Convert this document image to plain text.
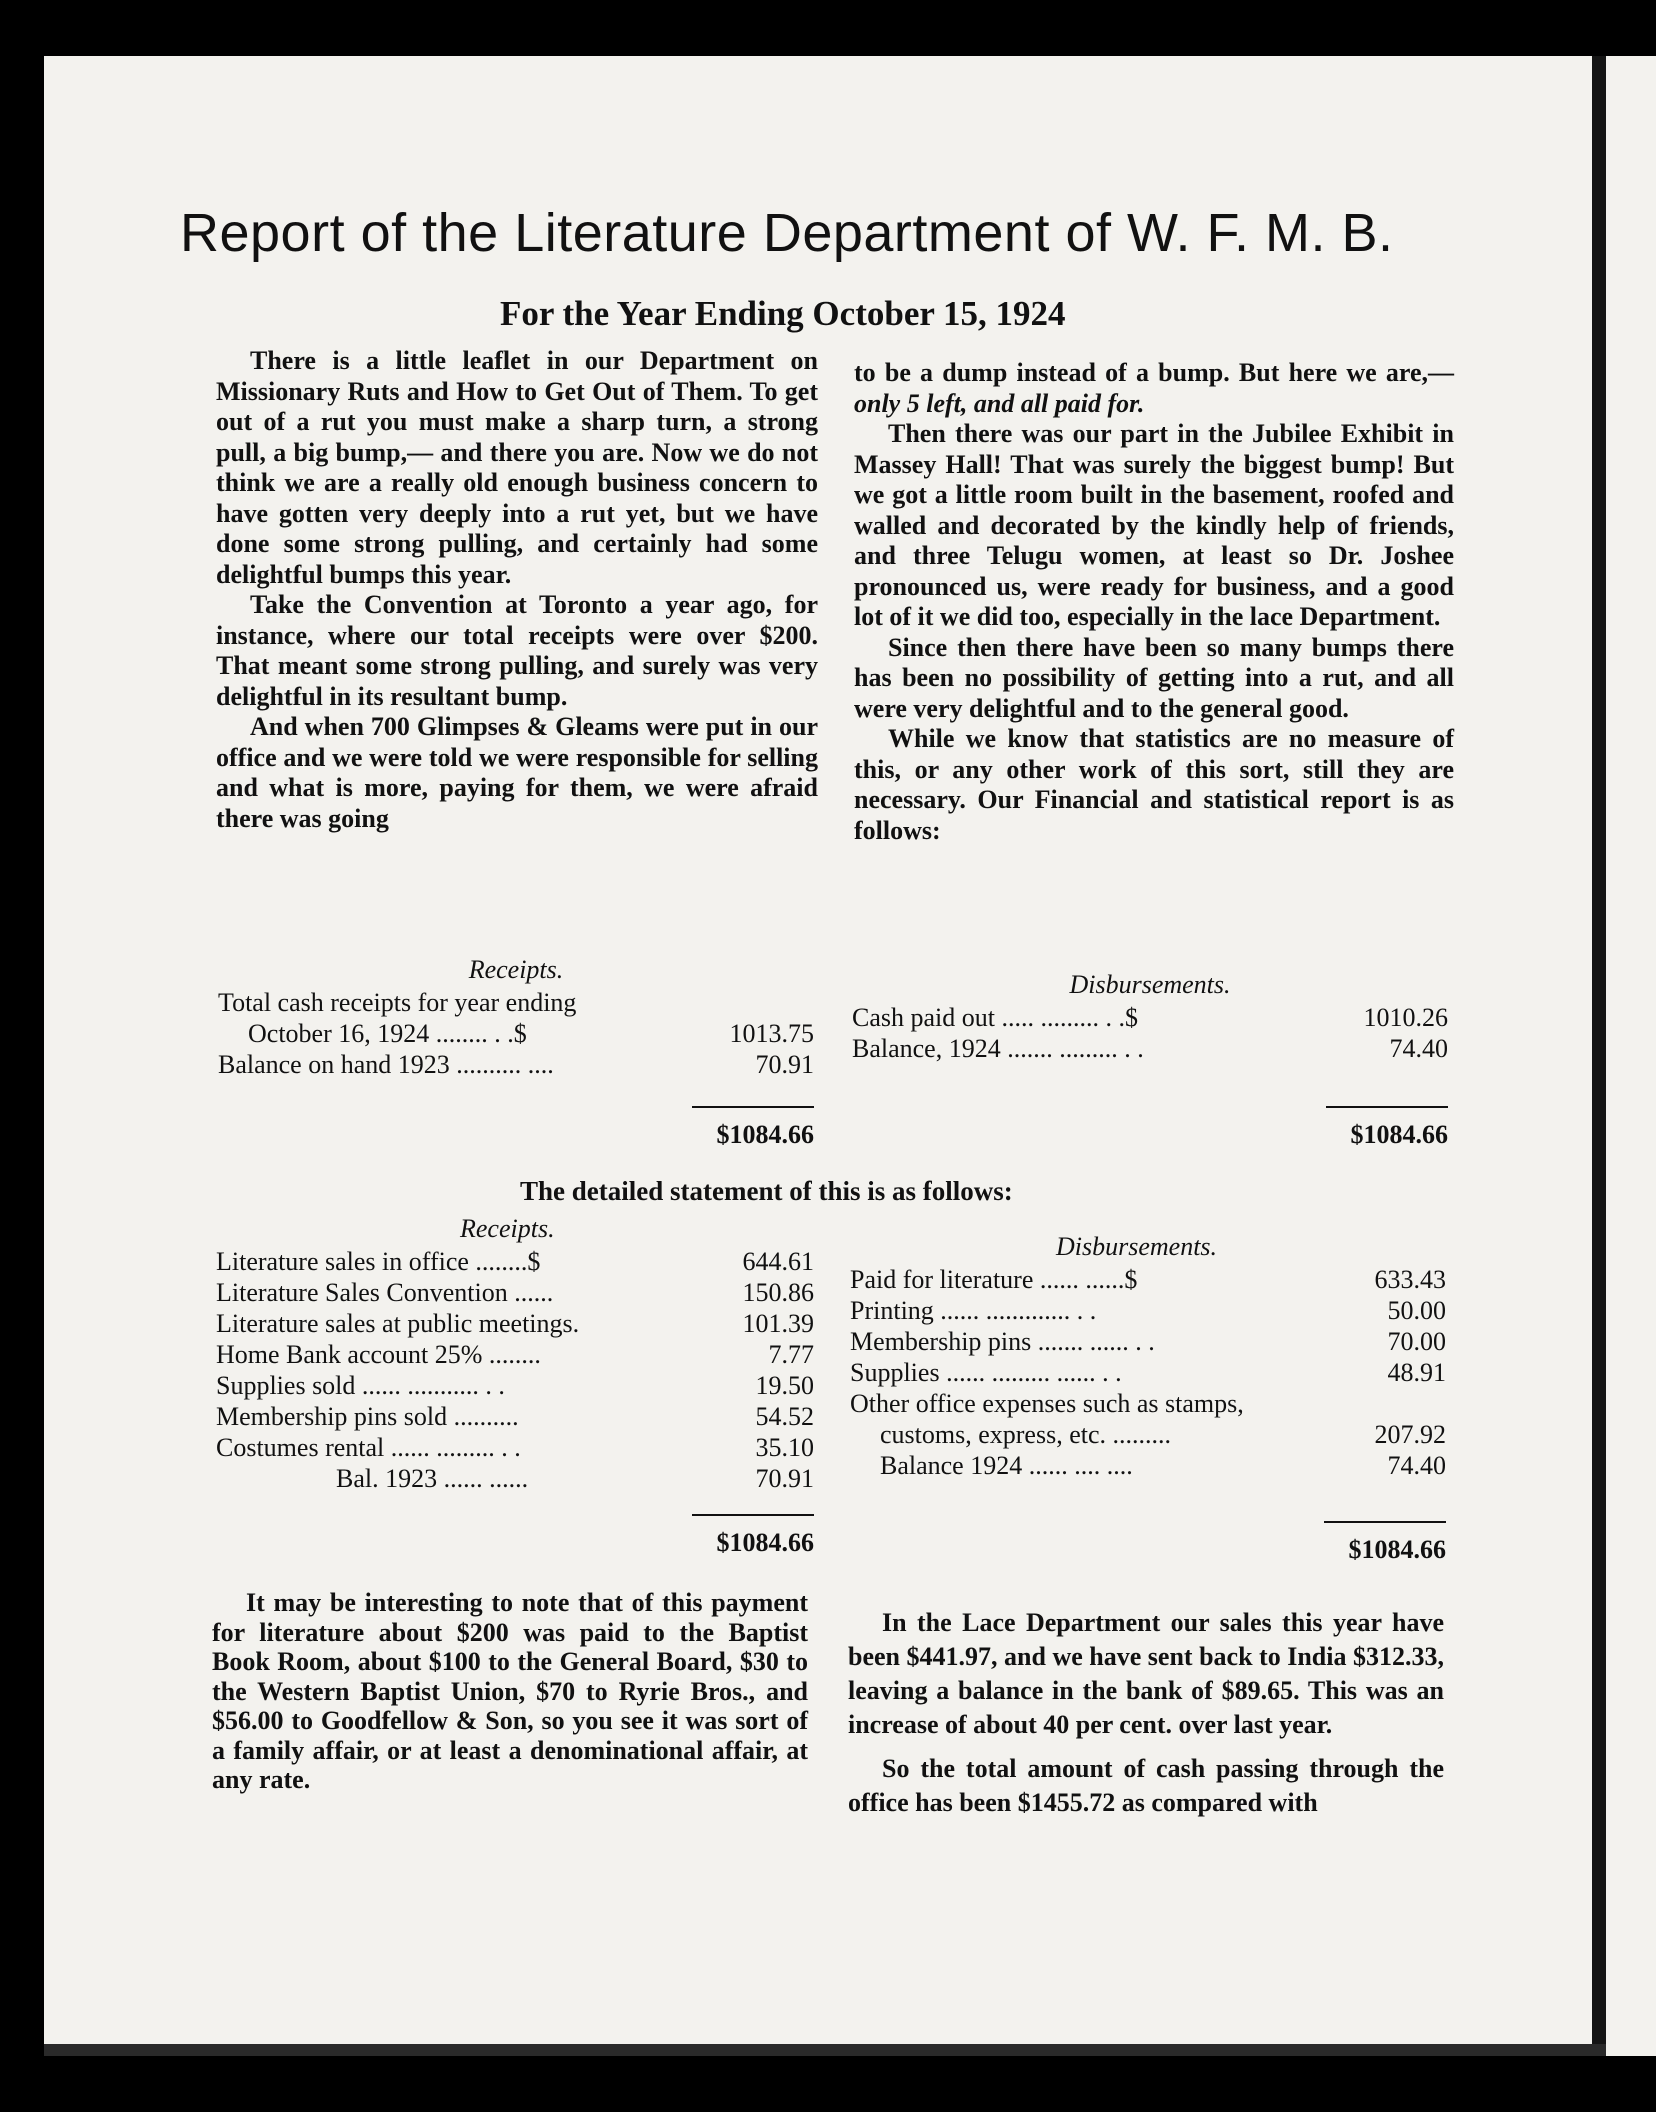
Report of the Literature Department of W. F. M. B.
For the Year Ending October 15, 1924

There is a little leaflet in our Department on Missionary Ruts and How to Get Out of Them. To get out of a rut you must make a sharp turn, a strong pull, a big bump,— and there you are. Now we do not think we are a really old enough business concern to have gotten very deeply into a rut yet, but we have done some strong pulling, and certainly had some delightful bumps this year.

Take the Convention at Toronto a year ago, for instance, where our total receipts were over $200. That meant some strong pulling, and surely was very delightful in its resultant bump.

And when 700 Glimpses & Gleams were put in our office and we were told we were responsible for selling and what is more, paying for them, we were afraid there was going

to be a dump instead of a bump. But here we are,—only 5 left, and all paid for.

Then there was our part in the Jubilee Exhibit in Massey Hall! That was surely the biggest bump! But we got a little room built in the basement, roofed and walled and decorated by the kindly help of friends, and three Telugu women, at least so Dr. Joshee pronounced us, were ready for business, and a good lot of it we did too, especially in the lace Department.

Since then there have been so many bumps there has been no possibility of getting into a rut, and all were very delightful and to the general good.

While we know that statistics are no measure of this, or any other work of this sort, still they are necessary. Our Financial and statistical report is as follows:

Receipts.
Total cash receipts for year ending
October 16, 1924 ........ . .$	1013.75
Balance on hand 1923 .......... ....	70.91
$1084.66
Disbursements.
Cash paid out ..... ......... . .$	1010.26
Balance, 1924 ....... ......... . .	74.40
$1084.66

The detailed statement of this is as follows:

Receipts.
Literature sales in office ........$	644.61
Literature Sales Convention ......	150.86
Literature sales at public meetings.	101.39
Home Bank account 25% ........	7.77
Supplies sold ...... ........... . .	19.50
Membership pins sold ..........	54.52
Costumes rental ...... ......... . .	35.10
Bal. 1923 ...... ......	70.91
$1084.66
Disbursements.
Paid for literature ...... ......$	633.43
Printing ...... ............. . .	50.00
Membership pins ....... ...... . .	70.00
Supplies ...... ......... ...... . .	48.91
Other office expenses such as stamps,
customs, express, etc. .........	207.92
Balance 1924 ...... .... ....	74.40
$1084.66

It may be interesting to note that of this payment for literature about $200 was paid to the Baptist Book Room, about $100 to the General Board, $30 to the Western Baptist Union, $70 to Ryrie Bros., and $56.00 to Goodfellow & Son, so you see it was sort of a family affair, or at least a denominational affair, at any rate.

In the Lace Department our sales this year have been $441.97, and we have sent back to India $312.33, leaving a balance in the bank of $89.65. This was an increase of about 40 per cent. over last year.

So the total amount of cash passing through the office has been $1455.72 as compared with
